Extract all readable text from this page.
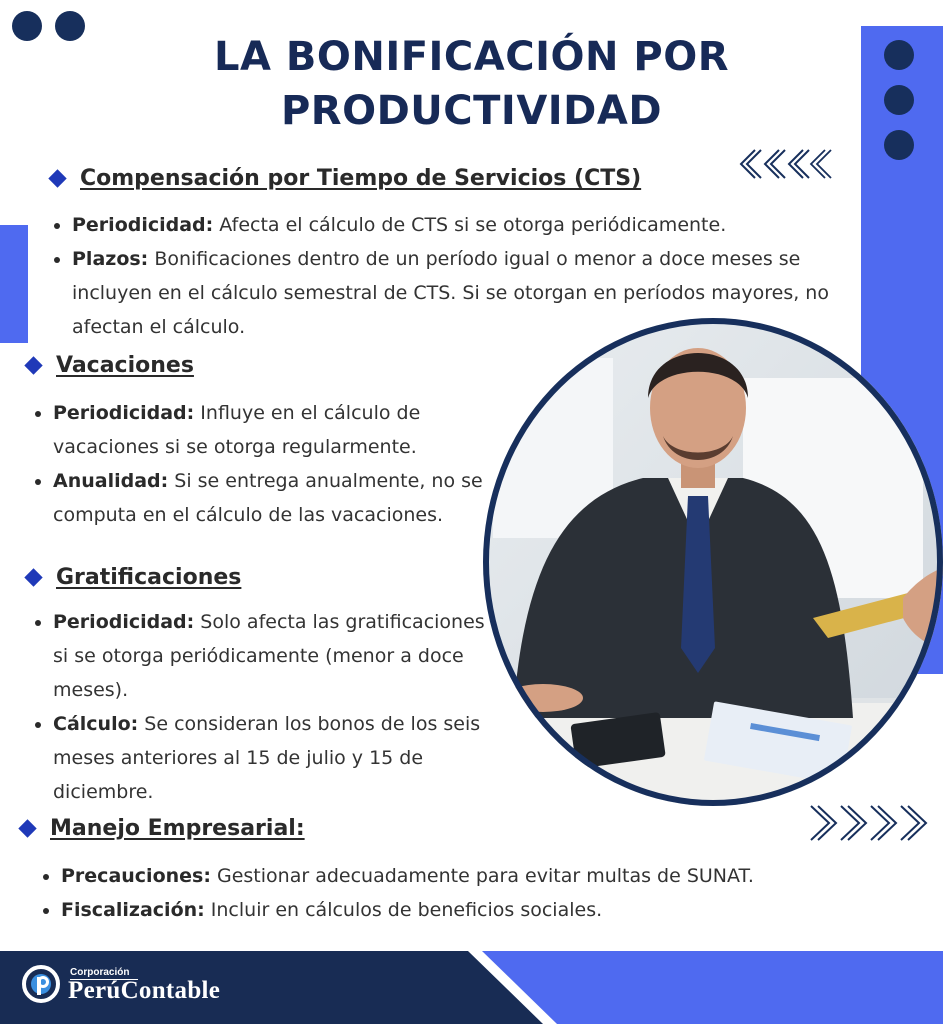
LA BONIFICACIÓN POR
PRODUCTIVIDAD
Compensación por Tiempo de Servicios (CTS)
Periodicidad: Afecta el cálculo de CTS si se otorga periódicamente.
Plazos: Bonificaciones dentro de un período igual o menor a doce meses se incluyen en el cálculo semestral de CTS. Si se otorgan en períodos mayores, no afectan el cálculo.
Vacaciones
Periodicidad: Influye en el cálculo de vacaciones si se otorga regularmente.
Anualidad: Si se entrega anualmente, no se computa en el cálculo de las vacaciones.
Gratificaciones
Periodicidad: Solo afecta las gratificaciones si se otorga periódicamente (menor a doce meses).
Cálculo: Se consideran los bonos de los seis meses anteriores al 15 de julio y 15 de diciembre.
Manejo Empresarial:
Precauciones: Gestionar adecuadamente para evitar multas de SUNAT.
Fiscalización: Incluir en cálculos de beneficios sociales.
Corporación
PerúContable
